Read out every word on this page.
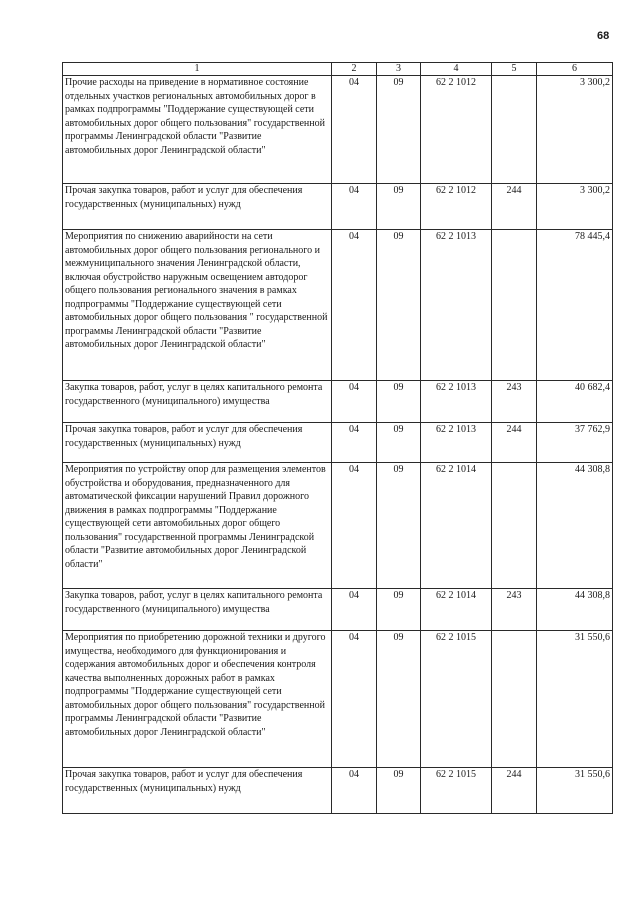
68
1	2	3	4	5	6
Прочие расходы на приведение в нормативное состояние отдельных участков региональных автомобильных дорог в рамках подпрограммы "Поддержание существующей сети автомобильных дорог общего пользования" государственной программы Ленинградской области "Развитие автомобильных дорог Ленинградской области"	04	09	62 2 1012		3 300,2
Прочая закупка товаров, работ и услуг для обеспечения государственных (муниципальных) нужд	04	09	62 2 1012	244	3 300,2
Мероприятия по снижению аварийности на сети автомобильных дорог общего пользования регионального и межмуниципального значения Ленинградской области, включая обустройство наружным освещением автодорог общего пользования регионального значения в рамках подпрограммы "Поддержание существующей сети автомобильных дорог общего пользования " государственной программы Ленинградской области "Развитие автомобильных дорог Ленинградской области"	04	09	62 2 1013		78 445,4
Закупка товаров, работ, услуг в целях капитального ремонта государственного (муниципального) имущества	04	09	62 2 1013	243	40 682,4
Прочая закупка товаров, работ и услуг для обеспечения государственных (муниципальных) нужд	04	09	62 2 1013	244	37 762,9
Мероприятия по устройству опор для размещения элементов обустройства и оборудования, предназначенного для автоматической фиксации нарушений Правил дорожного движения в рамках подпрограммы "Поддержание существующей сети автомобильных дорог общего пользования" государственной программы Ленинградской области "Развитие автомобильных дорог Ленинградской области"	04	09	62 2 1014		44 308,8
Закупка товаров, работ, услуг в целях капитального ремонта государственного (муниципального) имущества	04	09	62 2 1014	243	44 308,8
Мероприятия по приобретению дорожной техники и другого имущества, необходимого для функционирования и содержания автомобильных дорог и обеспечения контроля качества выполненных дорожных работ в рамках подпрограммы "Поддержание существующей сети автомобильных дорог общего пользования" государственной программы Ленинградской области "Развитие автомобильных дорог Ленинградской области"	04	09	62 2 1015		31 550,6
Прочая закупка товаров, работ и услуг для обеспечения государственных (муниципальных) нужд	04	09	62 2 1015	244	31 550,6
